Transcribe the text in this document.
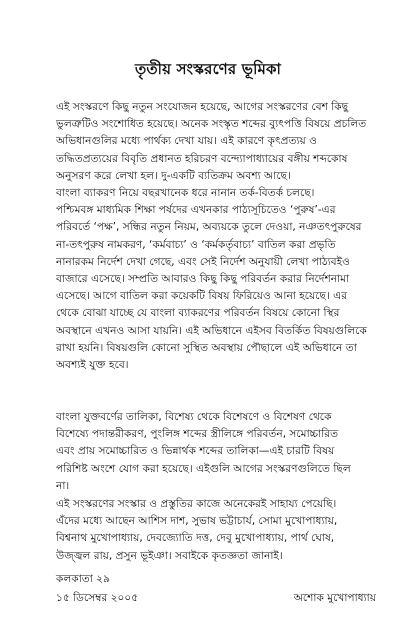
তৃতীয় সংস্করণের ভূমিকা
এই সংস্করণে কিছু নতুন সংযোজন হয়েছে, আগের সংস্করণের বেশ কিছু
ভুলত্রুটিও সংশোধিত হয়েছে। অনেক সংস্কৃত শব্দের ব্যুৎপত্তি বিষয়ে প্রচলিত
অভিধানগুলির মধ্যে পার্থক্য দেখা যায়। এই কারণে কৃৎপ্রত্যয় ও
তদ্ধিতপ্রত্যয়ের বিবৃতি প্রধানত হরিচরণ বন্দ্যোপাধ্যায়ের বঙ্গীয় শব্দকোষ
অনুসরণ করে লেখা হল। দু-একটি ব্যতিক্রম অবশ্য আছে।
বাংলা ব্যাকরণ নিয়ে বছরখানেক ধরে নানান তর্ক-বিতর্ক চলছে।
পশ্চিমবঙ্গ মাধ্যমিক শিক্ষা পর্ষদের এখনকার পাঠ্যসূচিতেও ‘পুরুষ’-এর
পরিবর্তে ‘পক্ষ’, সন্ধির নতুন নিয়ম, অব্যয়কে তুলে দেওয়া, নঞতৎপুরুষের
না-তৎপুরুষ নামকরণ, ‘কর্মবাচ্য’ ও ‘কর্মকর্তৃবাচ্য’ বাতিল করা প্রভৃতি
নানারকম নির্দেশ দেখা গেছে, এবং সেই নির্দেশ অনুযায়ী লেখা পাঠ্যবইও
বাজারে এসেছে। সম্প্রতি আবারও কিছু কিছু পরিবর্তন করার নির্দেশনামা
এসেছে। আগে বাতিল করা কয়েকটি বিষয় ফিরিয়েও আনা হয়েছে। এর
থেকে বোঝা যাচ্ছে যে বাংলা ব্যাকরণের পরিবর্তন বিষয়ে কোনো স্থির
অবস্থানে এখনও আসা যায়নি। এই অভিধানে এইসব বিতর্কিত বিষয়গুলিকে
রাখা হয়নি। বিষয়গুলি কোনো সুস্থিত অবস্থায় পৌছালে এই অভিধানে তা
অবশ্যই যুক্ত হবে।
বাংলা যুক্তবর্ণের তালিকা, বিশেষ্য থেকে বিশেষণে ও বিশেষণ থেকে
বিশেষ্যে পদান্তরীকরণ, পুংলিঙ্গ শব্দের স্ত্রীলিঙ্গে পরিবর্তন, সমোচ্চারিত
এবং প্রায় সমোচ্চারিত ও ভিন্নার্থক শব্দের তালিকা—এই চারটি বিষয়
পরিশিষ্ট অংশে যোগ করা হয়েছে। এইগুলি আগের সংস্করণগুলিতে ছিল
না।
এই সংস্করণের সংস্কার ও প্রস্তুতির কাজে অনেকেরই সাহায্য পেয়েছি।
এঁদের মধ্যে আছেন আশিস দাশ, সুভাষ ভট্টাচার্য, সোমা মুখোপাধ্যায়,
বিশ্বনাথ মুখোপাধ্যায়, দেবজ্যোতি দত্ত, দেবু মুখোপাধ্যায়, পার্থ ঘোষ,
উজ্জ্বল রায়, প্রসুন ভূইঞা। সবাইকে কৃতজ্ঞতা জানাই।
কলকাতা ২৯
১৫ ডিসেম্বর ২০০৫	অশোক মুখোপাধ্যায়
